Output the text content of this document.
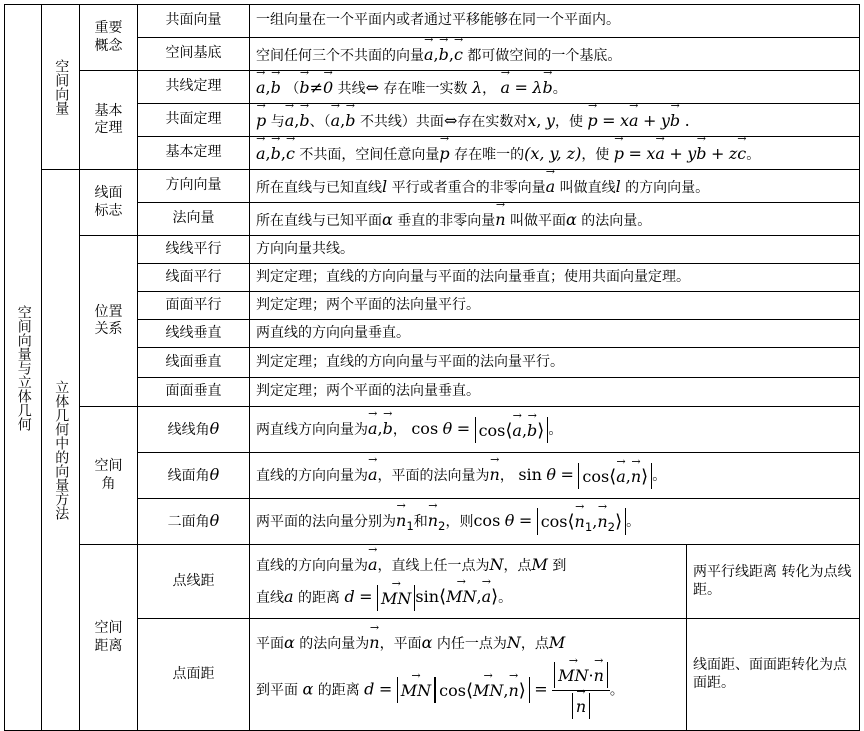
空间向量与立体几何	空间向量	重要概念	共面向量	一组向量在一个平面内或者通过平移能够在同一个平面内。	
			空间基底	空间任何三个不共面的向量→ a,→ b,→ c 都可做空间的一个基底。

		基本定理	共线定理	→ a,→ b （→ b≠→ 0 共线⇔ 存在唯一实数 λ， → a = λ→ b。
			共面定理	→ p 与→ a,→ b、（→ a,→ b 不共线）共面⇔存在实数对x, y，使 → p = x→ a + y→ b .
			基本定理	→ a,→ b,→ c 不共面，空间任意向量→ p 存在唯一的(x, y, z)，使 → p = x→ a + y→ b + z→ c。

	立体几何中的向量方法	线面标志	方向向量	所在直线与已知直线l 平行或者重合的非零向量→ a 叫做直线l 的方向向量。
			法向量	所在直线与已知平面α 垂直的非零向量→ n 叫做平面α 的法向量。

		位置关系	线线平行	方向向量共线。	
			线面平行	判定定理；直线的方向向量与平面的法向量垂直；使用共面向量定理。	
			面面平行	判定定理；两个平面的法向量平行。	
			线线垂直	两直线的方向向量垂直。	
			线面垂直	判定定理；直线的方向向量与平面的法向量平行。	
			面面垂直	判定定理；两个平面的法向量垂直。	

		空间角	线线角θ	两直线方向向量为→ a,→ b， cos θ = cos⟨→ a,→ b⟩ 。
			线面角θ	直线的方向向量为→ a，平面的法向量为→ n， sin θ = cos⟨→ a,→ n⟩ 。
			二面角θ	两平面的法向量分别为→ $n_1$和→ $n_2$，则cos θ = cos⟨→ $n_1,\to$ $n_2⟩$ 。

		空间距离	点线距	直线的方向向量为→ a，直线上任一点为N，点M 到
直线a 的距离 d = → MN sin⟨→ MN,→ a⟩。	两平行线距离 转化为点线距。
			点面距	平面α 的法向量为→ n，平面α 内任一点为N，点M
到平面 α 的距离 d = → MN cos⟨→ MN,→ n⟩ = → MN·→ n
→ n 。	线面距、面面距转化为点面距。
